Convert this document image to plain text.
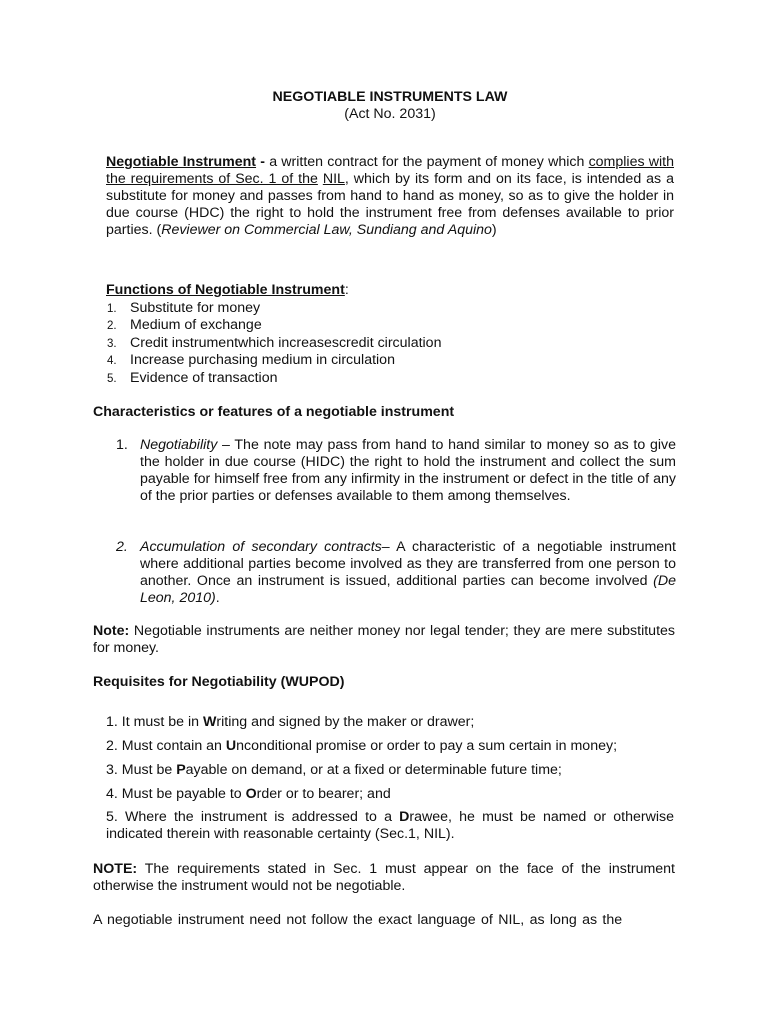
NEGOTIABLE INSTRUMENTS LAW
(Act No. 2031)

Negotiable Instrument - a written contract for the payment of money which complies with the requirements of Sec. 1 of the NIL, which by its form and on its face, is intended as a substitute for money and passes from hand to hand as money, so as to give the holder in due course (HDC) the right to hold the instrument free from defenses available to prior parties. (Reviewer on Commercial Law, Sundiang and Aquino)

Functions of Negotiable Instrument:
1. Substitute for money
2. Medium of exchange
3. Credit instrumentwhich increasescredit circulation
4. Increase purchasing medium in circulation
5. Evidence of transaction
Characteristics or features of a negotiable instrument
1. Negotiability – The note may pass from hand to hand similar to money so as to give the holder in due course (HIDC) the right to hold the instrument and collect the sum payable for himself free from any infirmity in the instrument or defect in the title of any of the prior parties or defenses available to them among themselves.
2. Accumulation of secondary contracts– A characteristic of a negotiable instrument where additional parties become involved as they are transferred from one person to another. Once an instrument is issued, additional parties can become involved (De Leon, 2010).

Note: Negotiable instruments are neither money nor legal tender; they are mere substitutes for money.

Requisites for Negotiability (WUPOD)
1. It must be in Writing and signed by the maker or drawer;
2. Must contain an Unconditional promise or order to pay a sum certain in money;
3. Must be Payable on demand, or at a fixed or determinable future time;
4. Must be payable to Order or to bearer; and
5. Where the instrument is addressed to a Drawee, he must be named or otherwise indicated therein with reasonable certainty (Sec.1, NIL).

NOTE: The requirements stated in Sec. 1 must appear on the face of the instrument otherwise the instrument would not be negotiable.

A negotiable instrument need not follow the exact language of NIL, as long as the
